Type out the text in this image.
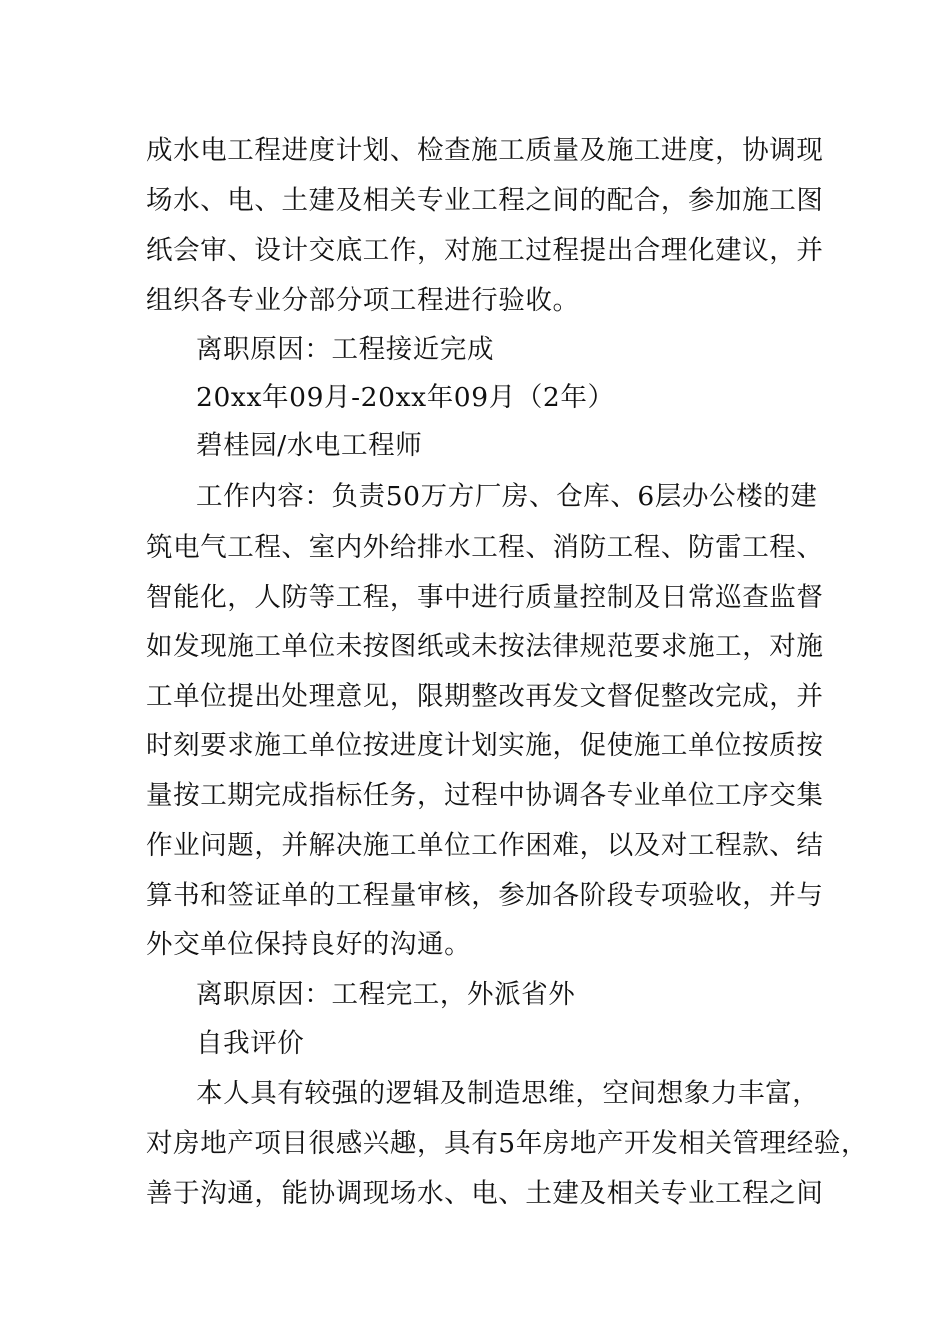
成水电工程进度计划、检查施工质量及施工进度，协调现
场水、电、土建及相关专业工程之间的配合，参加施工图
纸会审、设计交底工作，对施工过程提出合理化建议，并
组织各专业分部分项工程进行验收。
离职原因：工程接近完成
20xx年09月-20xx年09月（2年）
碧桂园/水电工程师
工作内容：负责50万方厂房、仓库、6层办公楼的建
筑电气工程、室内外给排水工程、消防工程、防雷工程、
智能化，人防等工程，事中进行质量控制及日常巡查监督
如发现施工单位未按图纸或未按法律规范要求施工，对施
工单位提出处理意见，限期整改再发文督促整改完成，并
时刻要求施工单位按进度计划实施，促使施工单位按质按
量按工期完成指标任务，过程中协调各专业单位工序交集
作业问题，并解决施工单位工作困难，以及对工程款、结
算书和签证单的工程量审核，参加各阶段专项验收，并与
外交单位保持良好的沟通。
离职原因：工程完工，外派省外
自我评价
本人具有较强的逻辑及制造思维，空间想象力丰富，
对房地产项目很感兴趣，具有5年房地产开发相关管理经验，
善于沟通，能协调现场水、电、土建及相关专业工程之间
